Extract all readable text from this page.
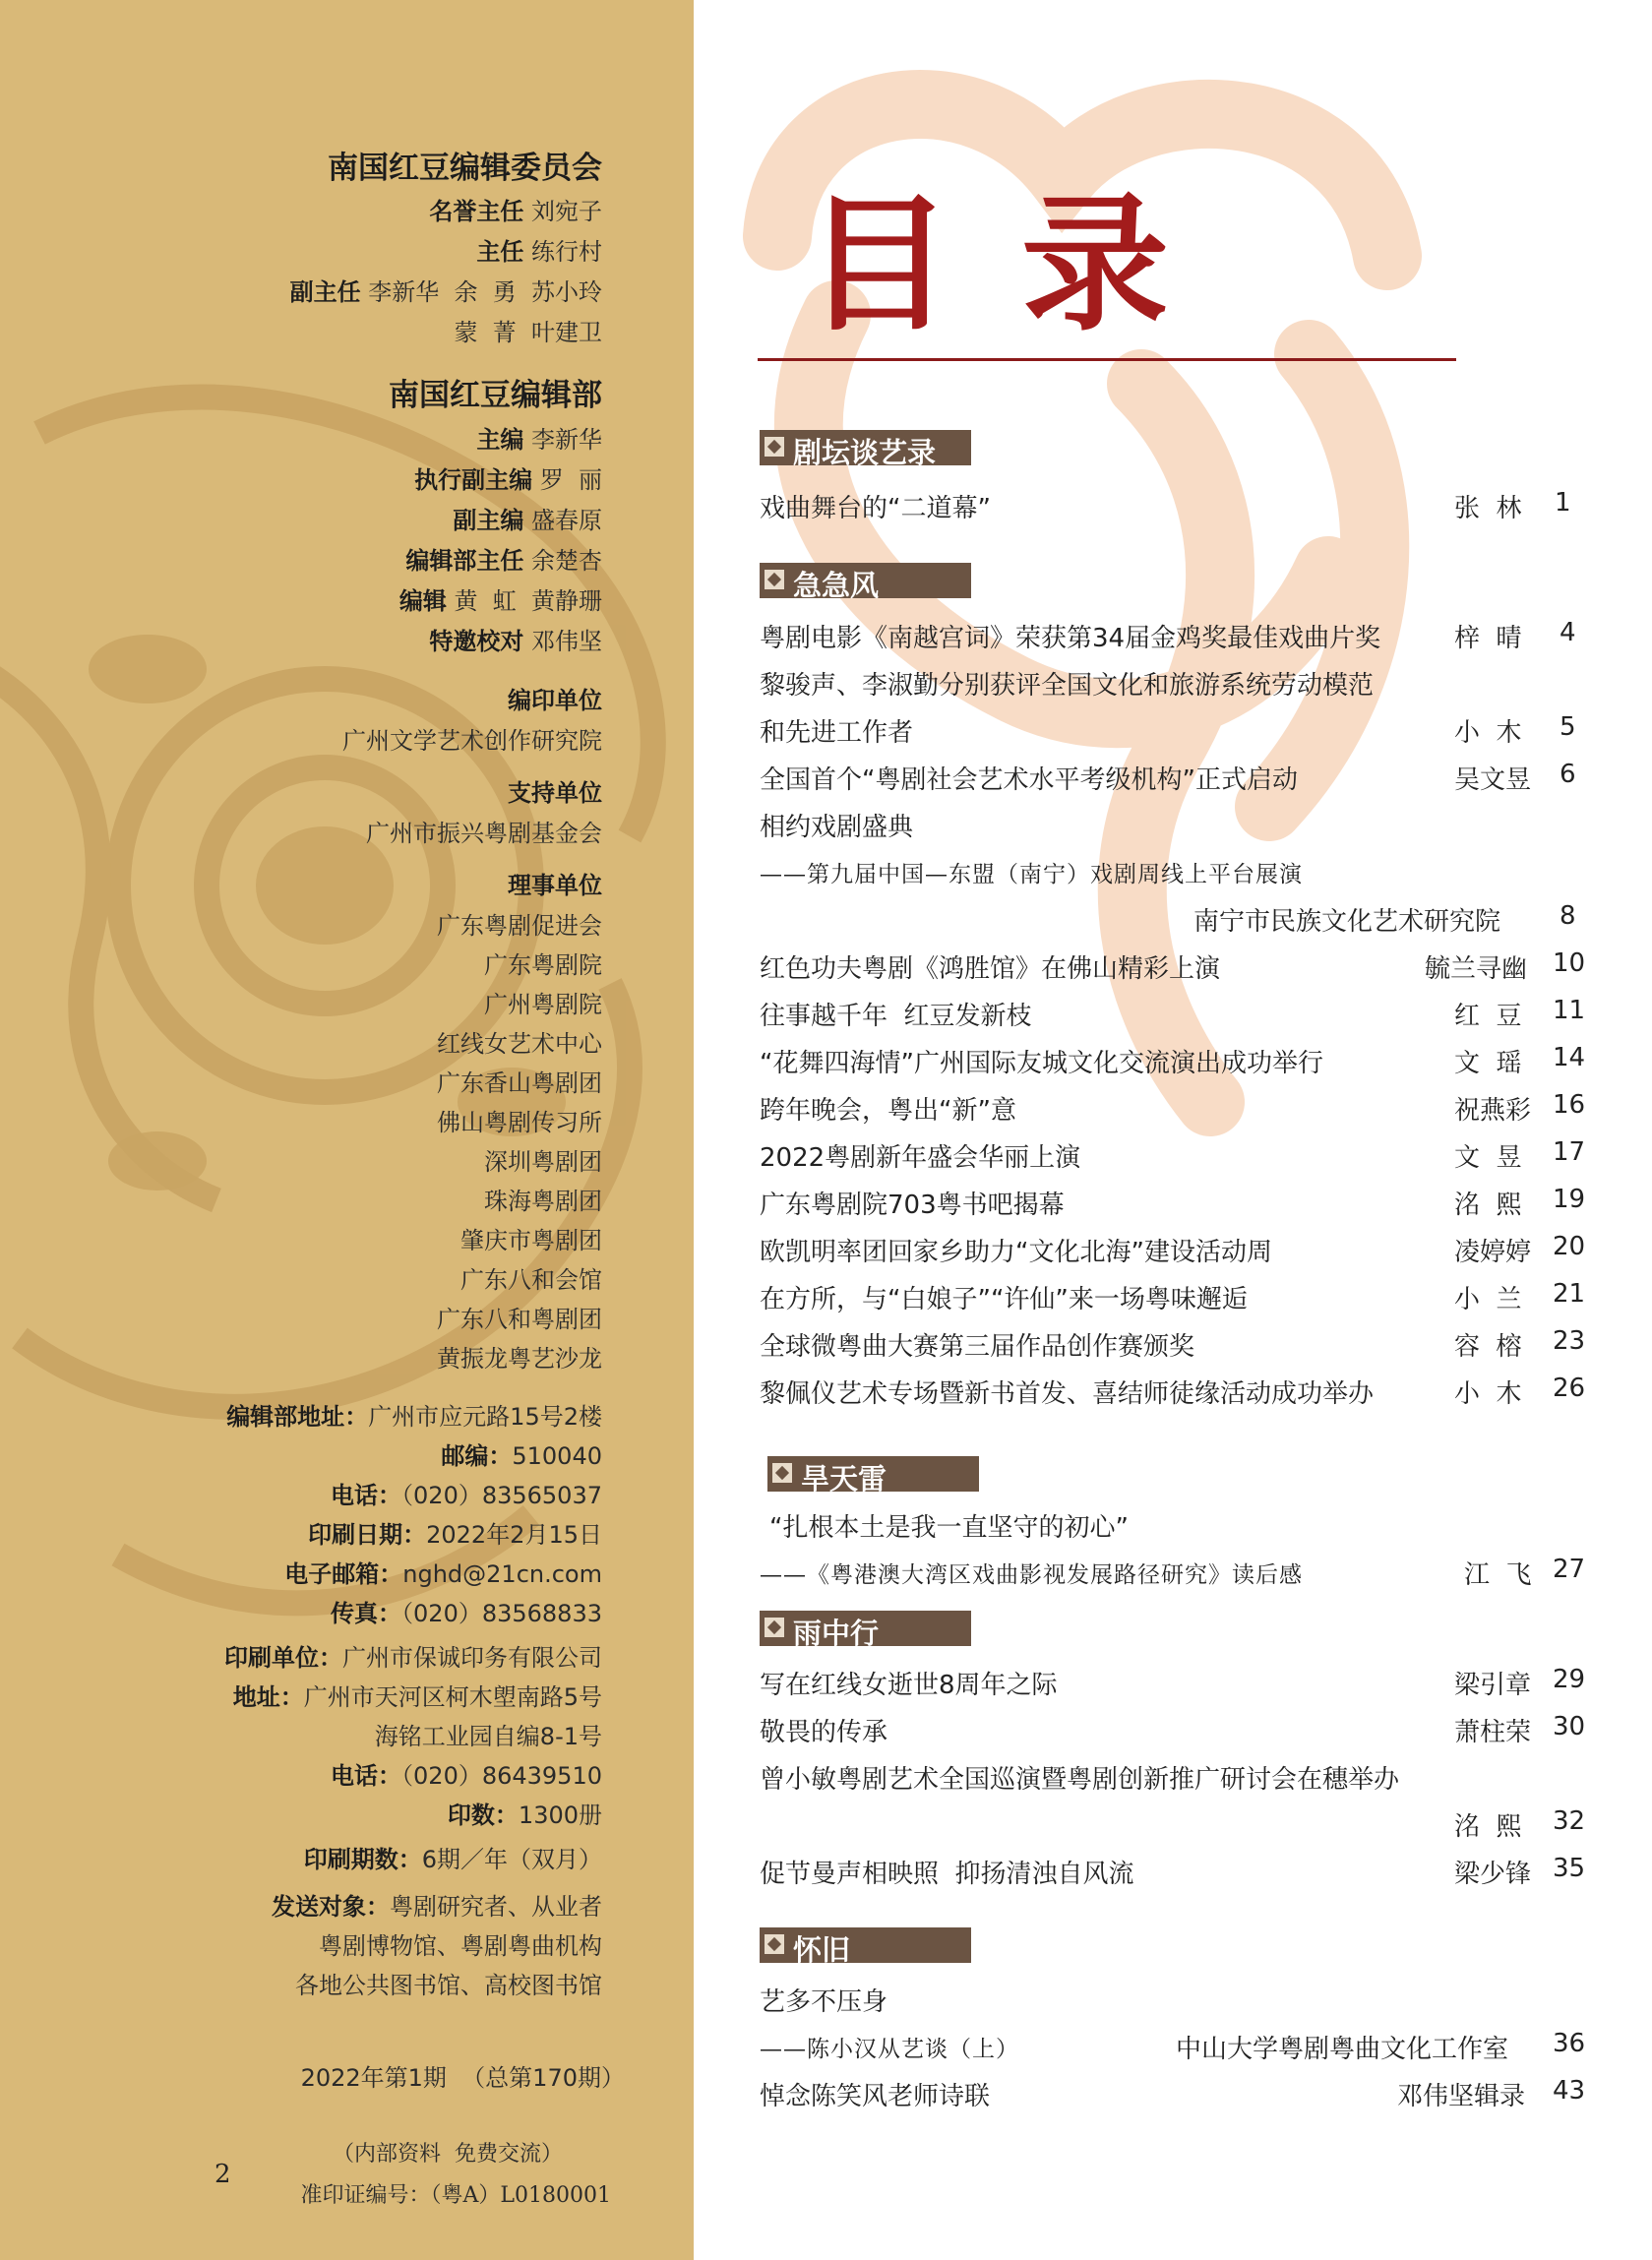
南国红豆编辑委员会
名誉主任 刘宛子
主任 练行村
副主任 李新华  余  勇  苏小玲
蒙  菁  叶建卫
南国红豆编辑部
主编 李新华
执行副主编 罗  丽
副主编 盛春原
编辑部主任 余楚杏
编辑 黄  虹  黄静珊
特邀校对 邓伟坚
编印单位
广州文学艺术创作研究院
支持单位
广州市振兴粤剧基金会
理事单位
广东粤剧促进会
广东粤剧院
广州粤剧院
红线女艺术中心
广东香山粤剧团
佛山粤剧传习所
深圳粤剧团
珠海粤剧团
肇庆市粤剧团
广东八和会馆
广东八和粤剧团
黄振龙粤艺沙龙
编辑部地址：广州市应元路15号2楼
邮编：510040
电话：（020）83565037
印刷日期：2022年2月15日
电子邮箱：nghd@21cn.com
传真：（020）83568833
印刷单位：广州市保诚印务有限公司
地址：广州市天河区柯木塱南路5号
海铭工业园自编8-1号
电话：（020）86439510
印数：1300册
印刷期数：6期／年（双月）
发送对象：粤剧研究者、从业者
粤剧博物馆、粤剧粤曲机构
各地公共图书馆、高校图书馆
2022年第1期  （总第170期）
（内部资料  免费交流）
准印证编号：（粤A）L0180001
2
目录
剧坛谈艺录
戏曲舞台的“二道幕”	张  林 1
急急风
粤剧电影《南越宫词》荣获第34届金鸡奖最佳戏曲片奖	梓  晴 4
黎骏声、李淑勤分别获评全国文化和旅游系统劳动模范
和先进工作者	小  木 5
全国首个“粤剧社会艺术水平考级机构”正式启动	吴文昱 6
相约戏剧盛典
——第九届中国—东盟（南宁）戏剧周线上平台展演
南宁市民族文化艺术研究院 8
红色功夫粤剧《鸿胜馆》在佛山精彩上演	毓兰寻幽 10
往事越千年  红豆发新枝	红  豆 11
“花舞四海情”广州国际友城文化交流演出成功举行	文  瑶 14
跨年晚会，粤出“新”意	祝燕彩 16
2022粤剧新年盛会华丽上演	文  昱 17
广东粤剧院703粤书吧揭幕	洺  熙 19
欧凯明率团回家乡助力“文化北海”建设活动周	凌婷婷 20
在方所，与“白娘子”“许仙”来一场粤味邂逅	小  兰 21
全球微粤曲大赛第三届作品创作赛颁奖	容  榕 23
黎佩仪艺术专场暨新书首发、喜结师徒缘活动成功举办	小  木 26
旱天雷
“扎根本土是我一直坚守的初心”
——《粤港澳大湾区戏曲影视发展路径研究》读后感	江  飞 27
雨中行
写在红线女逝世8周年之际	梁引章 29
敬畏的传承	萧柱荣 30
曾小敏粤剧艺术全国巡演暨粤剧创新推广研讨会在穗举办
洺  熙 32
促节曼声相映照  抑扬清浊自风流	梁少锋 35
怀旧
艺多不压身
——陈小汉从艺谈（上）	中山大学粤剧粤曲文化工作室 36
悼念陈笑风老师诗联	邓伟坚辑录 43
